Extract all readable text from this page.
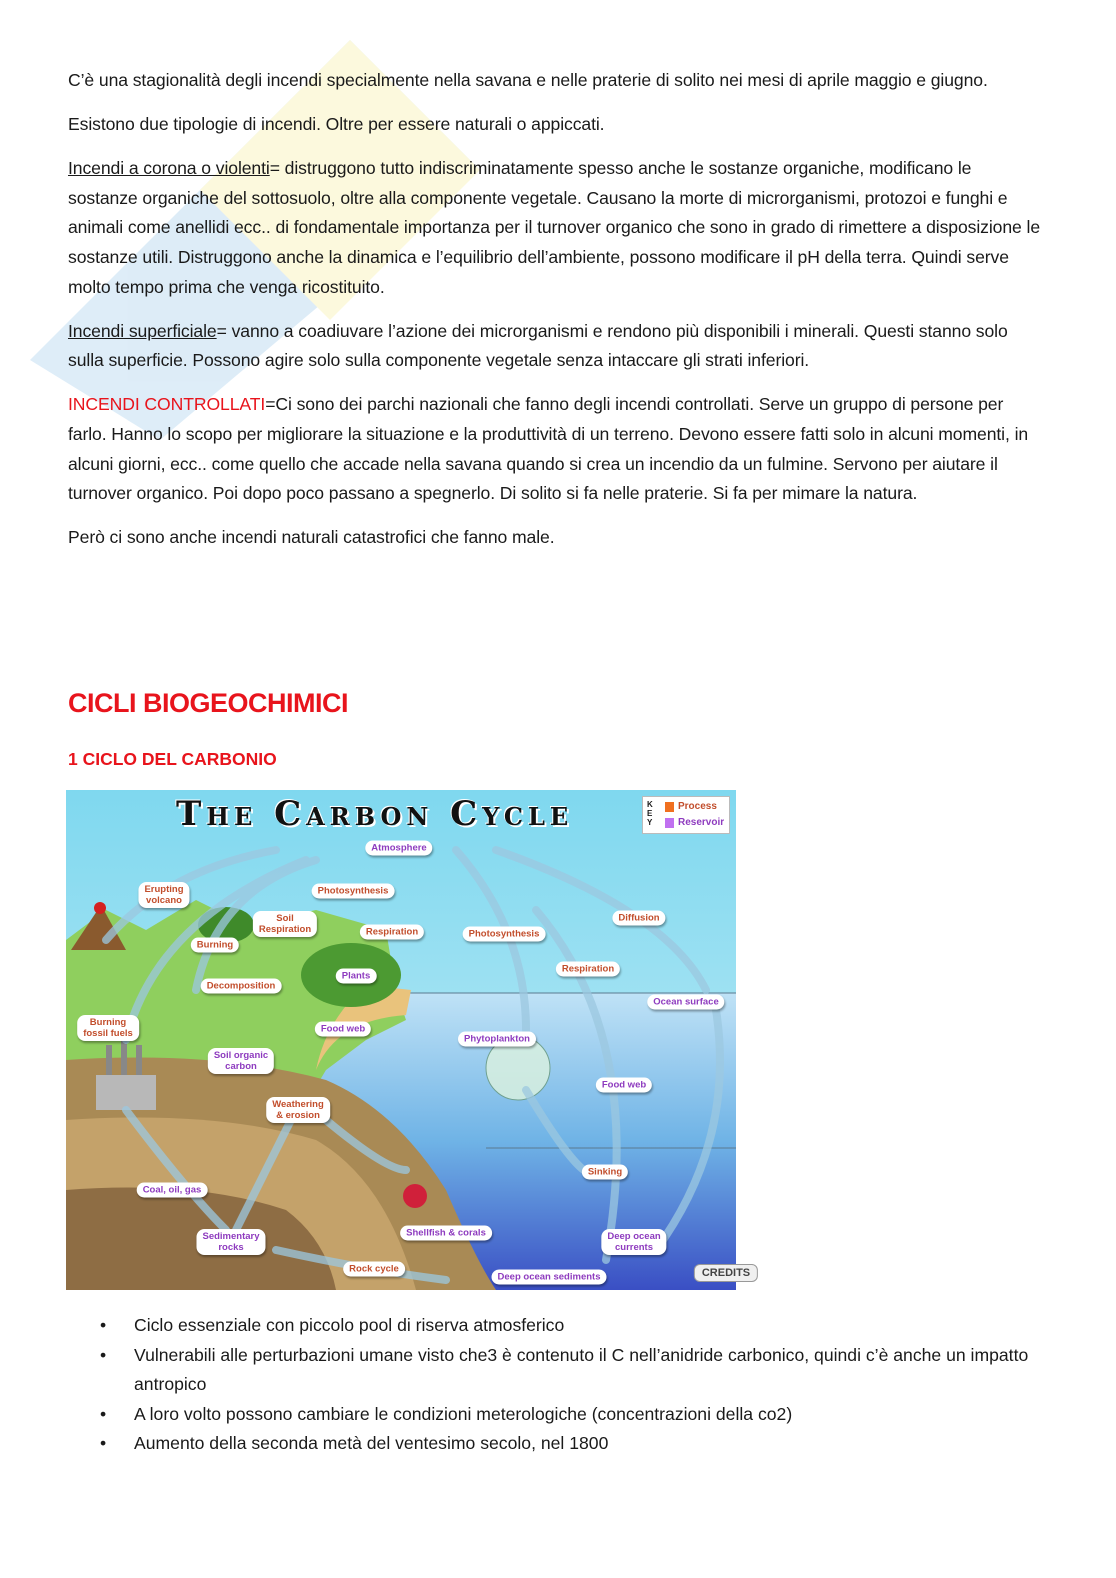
C’è una stagionalità degli incendi specialmente nella savana e nelle praterie di solito nei mesi di aprile maggio e giugno.

Esistono due tipologie di incendi. Oltre per essere naturali o appiccati.

Incendi a corona o violenti= distruggono tutto indiscriminatamente spesso anche le sostanze organiche, modificano le sostanze organiche del sottosuolo, oltre alla componente vegetale. Causano la morte di microrganismi, protozoi e funghi e animali come anellidi ecc.. di fondamentale importanza per il turnover organico che sono in grado di rimettere a disposizione le sostanze utili. Distruggono anche la dinamica e l’equilibrio dell’ambiente, possono modificare il pH della terra. Quindi serve molto tempo prima che venga ricostituito.

Incendi superficiale= vanno a coadiuvare l’azione dei microrganismi e rendono più disponibili i minerali. Questi stanno solo sulla superficie. Possono agire solo sulla componente vegetale senza intaccare gli strati inferiori.

INCENDI CONTROLLATI=Ci sono dei parchi nazionali che fanno degli incendi controllati. Serve un gruppo di persone per farlo. Hanno lo scopo per migliorare la situazione e la produttività di un terreno. Devono essere fatti solo in alcuni momenti, in alcuni giorni, ecc.. come quello che accade nella savana quando si crea un incendio da un fulmine. Servono per aiutare il turnover organico. Poi dopo poco passano a spegnerlo. Di solito si fa nelle praterie. Si fa per mimare la natura.

Però ci sono anche incendi naturali catastrofici che fanno male.

CICLI BIOGEOCHIMICI
1 CICLO DEL CARBONIO
The Carbon Cycle	K E Y
Process
Reservoir
Atmosphere
Erupting
volcano
Photosynthesis
Soil
Respiration	Respiration	Photosynthesis
Diffusion
Burning
Respiration
Plants
Decomposition
Ocean surface
Burning
fossil fuels	Food web
Phytoplankton
Soil organic
carbon
Food web
Weathering
& erosion
Sinking
Coal, oil, gas
Shellfish & corals
Sedimentary
rocks
Deep ocean
currents
Rock cycle
Deep ocean sediments	CREDITS
• Ciclo essenziale con piccolo pool di riserva atmosferico
• Vulnerabili alle perturbazioni umane visto che3 è contenuto il C nell’anidride carbonico, quindi c’è anche un impatto antropico
• A loro volto possono cambiare le condizioni meterologiche (concentrazioni della co2)
• Aumento della seconda metà del ventesimo secolo, nel 1800
